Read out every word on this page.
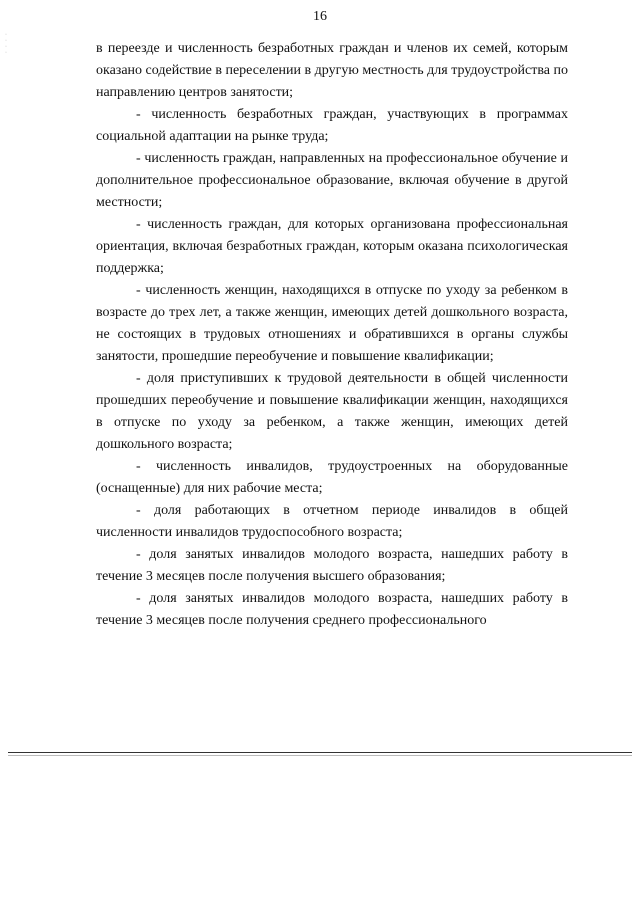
16
·
·
·
·	в переезде и численность безработных граждан и членов их семей, которым оказано содействие в переселении в другую местность для трудоустройства по направлению центров занятости;

- численность безработных граждан, участвующих в программах социальной адаптации на рынке труда;

- численность граждан, направленных на профессиональное обучение и дополнительное профессиональное образование, включая обучение в другой местности;

- численность граждан, для которых организована профессиональная ориентация, включая безработных граждан, которым оказана психологическая поддержка;

- численность женщин, находящихся в отпуске по уходу за ребенком в возрасте до трех лет, а также женщин, имеющих детей дошкольного возраста, не состоящих в трудовых отношениях и обратившихся в органы службы занятости, прошедшие переобучение и повышение квалификации;

- доля приступивших к трудовой деятельности в общей численности прошедших переобучение и повышение квалификации женщин, находящихся в отпуске по уходу за ребенком, а также женщин, имеющих детей дошкольного возраста;

- численность инвалидов, трудоустроенных на оборудованные (оснащенные) для них рабочие места;

- доля работающих в отчетном периоде инвалидов в общей численности инвалидов трудоспособного возраста;

- доля занятых инвалидов молодого возраста, нашедших работу в течение 3 месяцев после получения высшего образования;

- доля занятых инвалидов молодого возраста, нашедших работу в течение 3 месяцев после получения среднего профессионального
